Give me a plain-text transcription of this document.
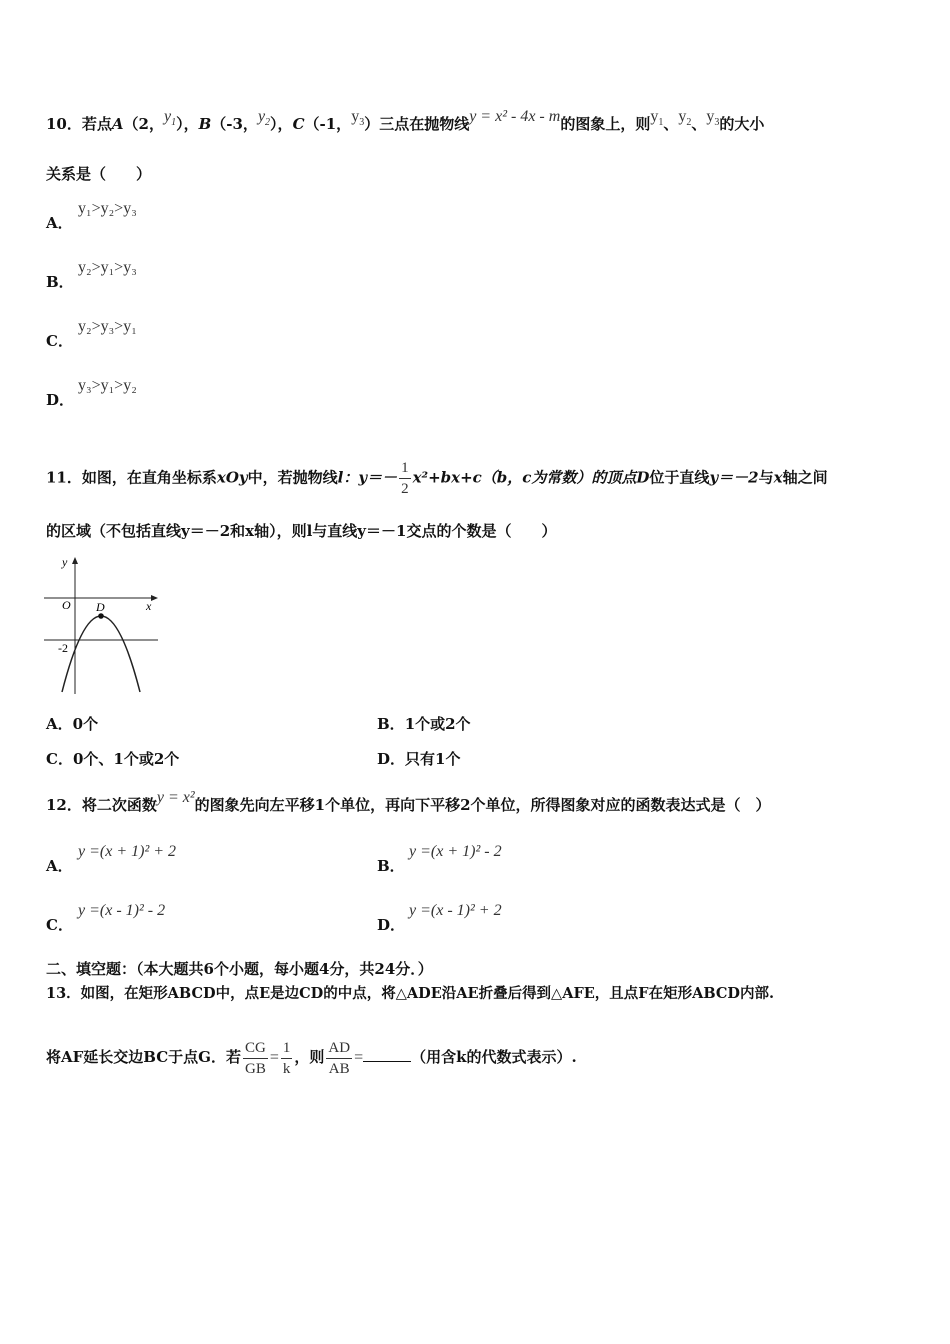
10．若点A（2，$y_1$），B（-3，$y_2$），C（-1，$y_3$）三点在抛物线y = x² - 4x - m的图象上，则$y_1$、$y_2$、$y_3$的大小
关系是（　　）
A．
y₁>y₂>y₃
B．
y₂>y₁>y₃
C．
y₂>y₃>y₁
D．
y₃>y₁>y₂
11．如图，在直角坐标系xOy中，若抛物线l：$y=- \frac{1}{2} x^2+bx+c(b$，c为常数）的顶点D位于直线y＝－2与x轴之间
的区域（不包括直线y＝－2和x轴），则l与直线y＝－1交点的个数是（　　）
y
x
O D
-2
A．0个	B．1个或2个
C．0个、1个或2个	D．只有1个
12．将二次函数y = x²的图象先向左平移1个单位，再向下平移2个单位，所得图象对应的函数表达式是（　）
A．
y =(x + 1)² + 2
B．
y =(x + 1)² - 2
C．
y =(x - 1)² - 2
D．
y =(x - 1)² + 2
二、填空题：（本大题共6个小题，每小题4分，共24分．）
13．如图，在矩形ABCD中，点E是边CD的中点，将△ADE沿AE折叠后得到△AFE，且点F在矩形ABCD内部.
将AF延长交边BC于点G．若 $\frac{CG}{GB} = \frac{1}{k}$ ，则 $\frac{AD}{AB}$ =	（用含k的代数式表示）.
